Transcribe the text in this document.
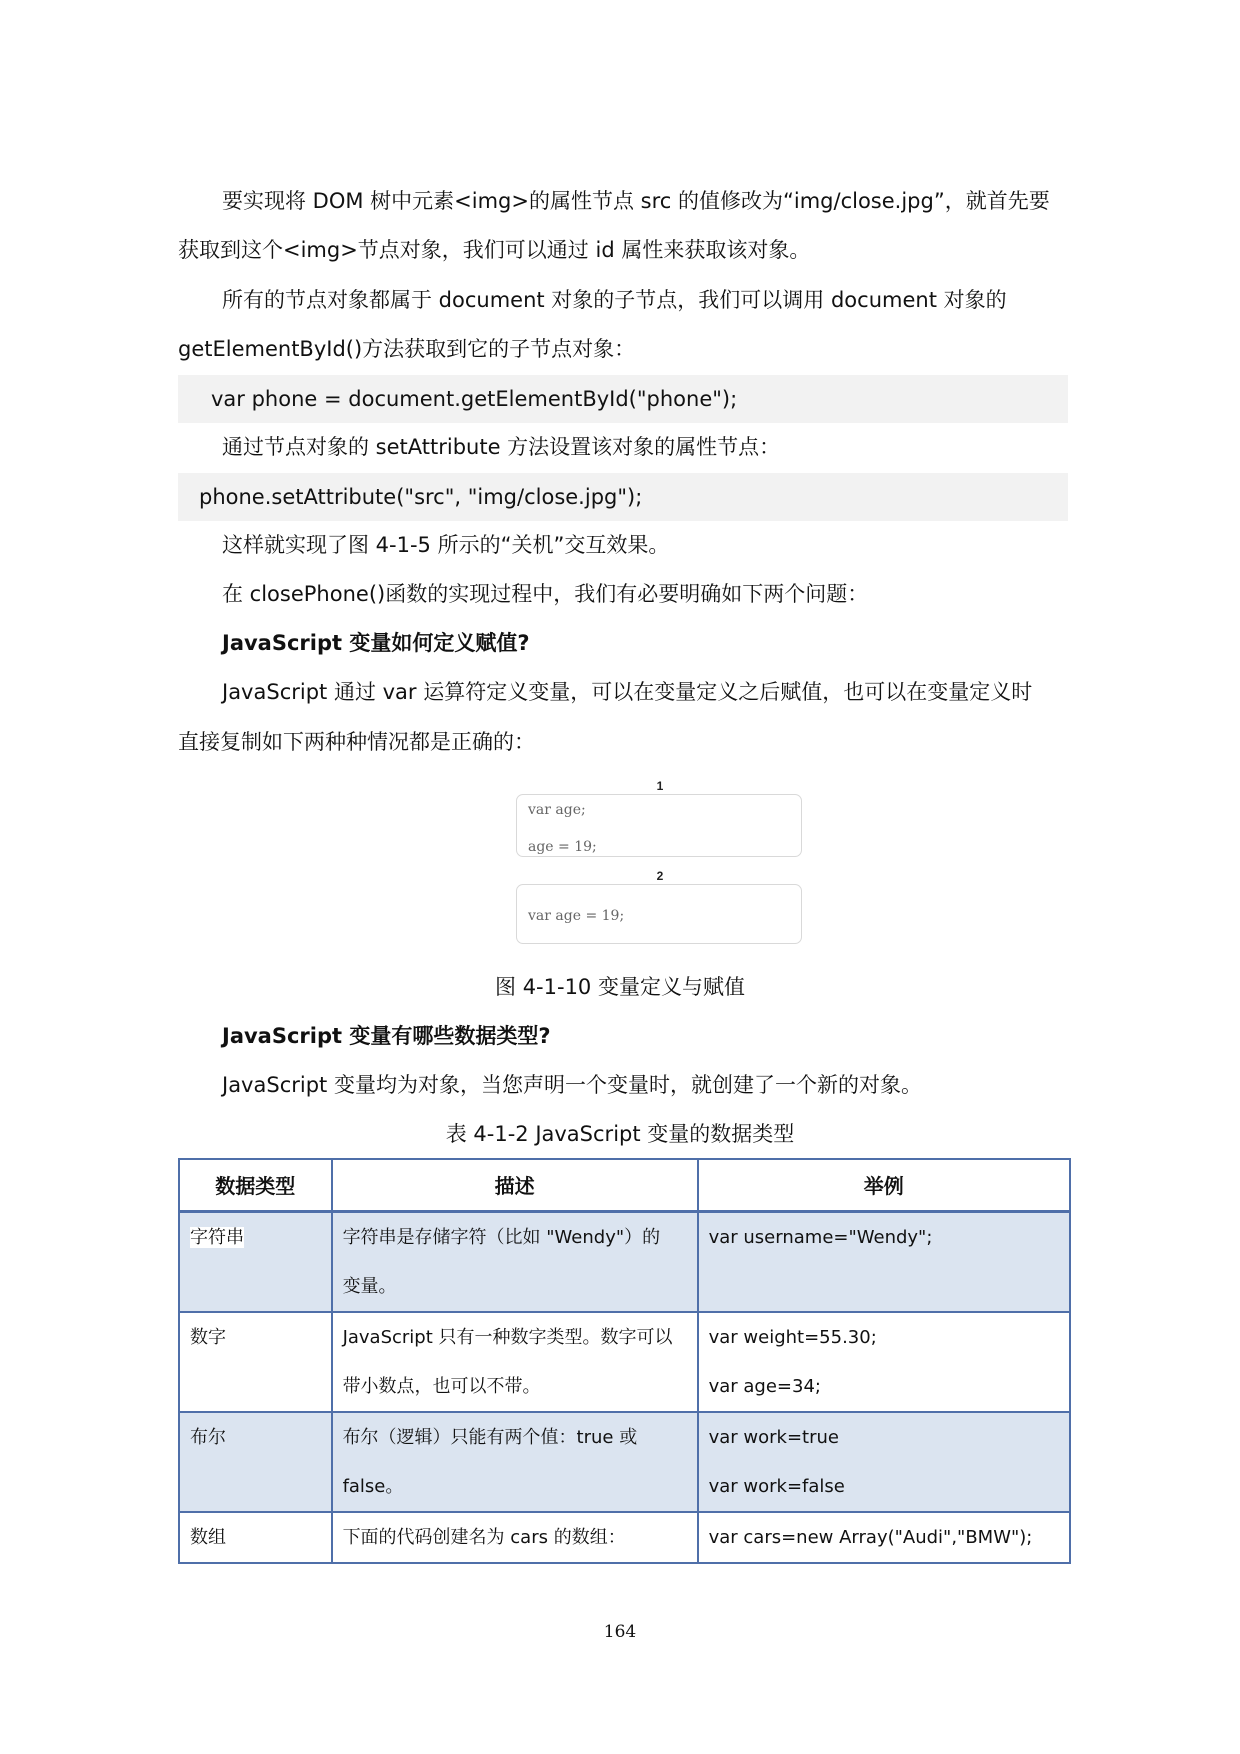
要实现将 DOM 树中元素<img>的属性节点 src 的值修改为“img/close.jpg”，就首先要
获取到这个<img>节点对象，我们可以通过 id 属性来获取该对象。
所有的节点对象都属于 document 对象的子节点，我们可以调用 document 对象的
getElementById()方法获取到它的子节点对象：
var phone = document.getElementById("phone");
通过节点对象的 setAttribute 方法设置该对象的属性节点：
phone.setAttribute("src", "img/close.jpg");
这样就实现了图 4-1-5 所示的“关机”交互效果。
在 closePhone()函数的实现过程中，我们有必要明确如下两个问题：
JavaScript 变量如何定义赋值?
JavaScript 通过 var 运算符定义变量，可以在变量定义之后赋值，也可以在变量定义时
直接复制如下两种种情况都是正确的：
1
var age;
age = 19;
2
var age = 19;
图 4-1-10 变量定义与赋值
JavaScript 变量有哪些数据类型?
JavaScript 变量均为对象，当您声明一个变量时，就创建了一个新的对象。
表 4-1-2 JavaScript 变量的数据类型
数据类型	描述	举例

字符串	字符串是存储字符（比如 "Wendy"）的
变量。	var username="Wendy";

数字	JavaScript 只有一种数字类型。数字可以
带小数点，也可以不带。	var weight=55.30;
var age=34;

布尔	布尔（逻辑）只能有两个值：true 或
false。	var work=true
var work=false

数组	下面的代码创建名为 cars 的数组：	var cars=new Array("Audi","BMW");
164
